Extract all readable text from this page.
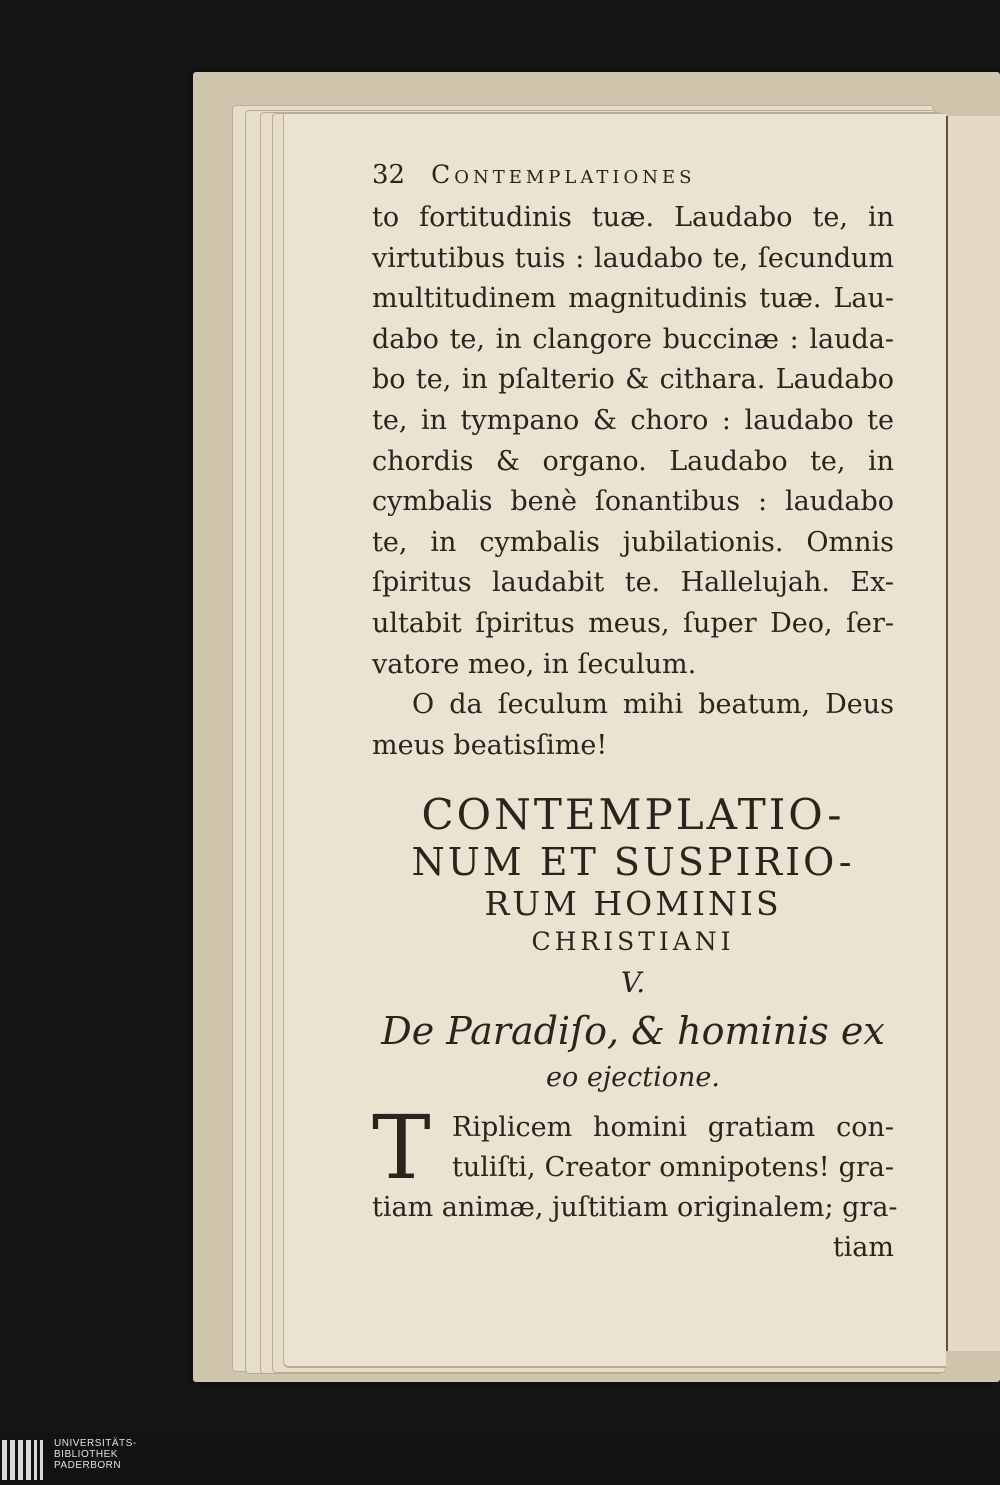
32 Contemplationes
to fortitudinis tuæ. Laudabo te, in
virtutibus tuis : laudabo te, ſecundum
multitudinem magnitudinis tuæ. Lau-
dabo te, in clangore buccinæ : lauda-
bo te, in pſalterio & cithara. Laudabo
te, in tympano & choro : laudabo te
chordis & organo. Laudabo te, in
cymbalis benè ſonantibus : laudabo
te, in cymbalis jubilationis. Omnis
ſpiritus laudabit te. Hallelujah. Ex-
ultabit ſpiritus meus, ſuper Deo, ſer-
vatore meo, in ſeculum.
O da ſeculum mihi beatum, Deus
meus beatisſime!
CONTEMPLATIO-
NUM ET SUSPIRIO-
RUM HOMINIS
CHRISTIANI
V.
De Paradiſo, & hominis ex
eo ejectione.
T Riplicem homini gratiam con-
tuliſti, Creator omnipotens! gra-
tiam animæ, juſtitiam originalem; gra-
tiam
UNIVERSITÄTS-
BIBLIOTHEK
PADERBORN
